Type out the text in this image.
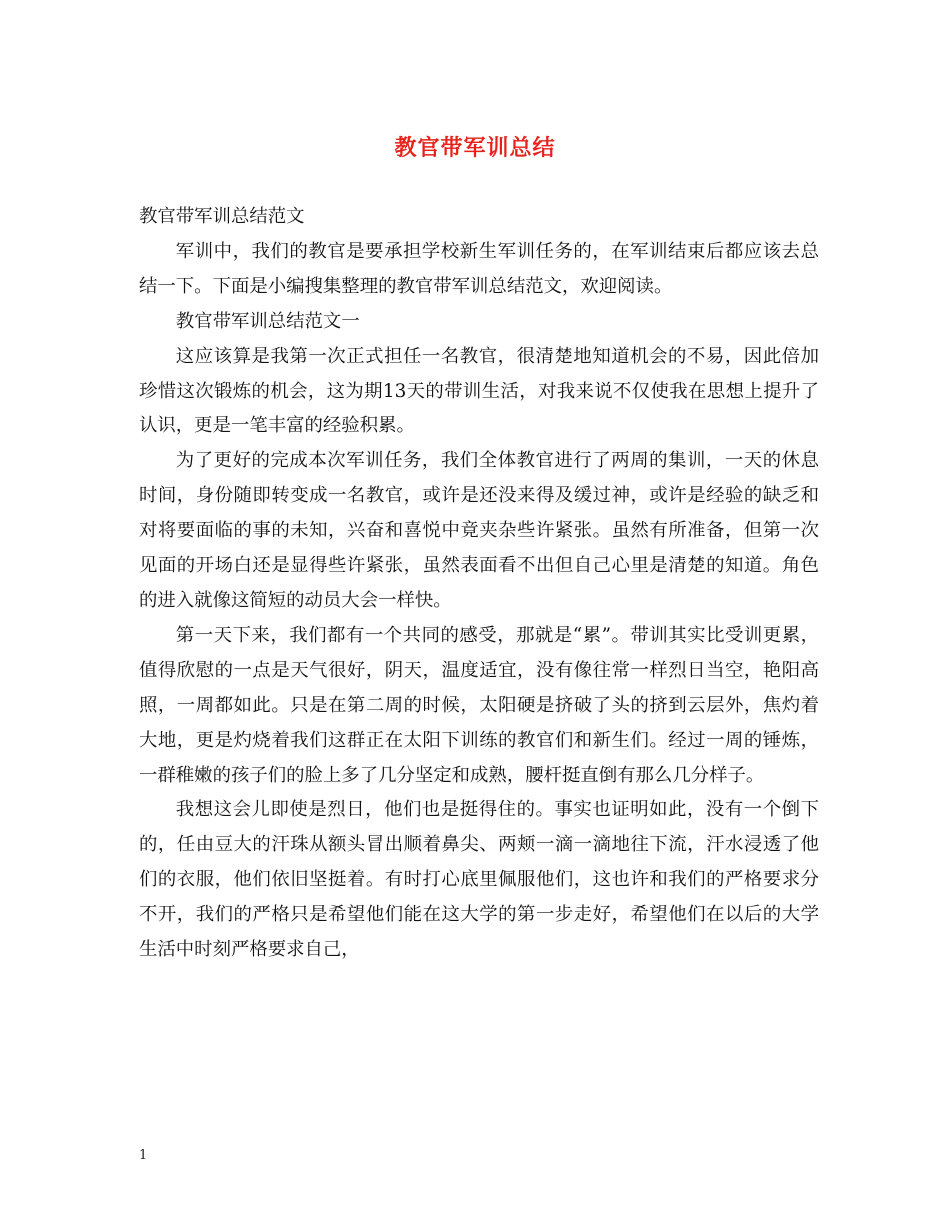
教官带军训总结

教官带军训总结范文

军训中，我们的教官是要承担学校新生军训任务的，在军训结束后都应该去总结一下。下面是小编搜集整理的教官带军训总结范文，欢迎阅读。

教官带军训总结范文一

这应该算是我第一次正式担任一名教官，很清楚地知道机会的不易，因此倍加珍惜这次锻炼的机会，这为期13天的带训生活，对我来说不仅使我在思想上提升了认识，更是一笔丰富的经验积累。

为了更好的完成本次军训任务，我们全体教官进行了两周的集训，一天的休息时间，身份随即转变成一名教官，或许是还没来得及缓过神，或许是经验的缺乏和对将要面临的事的未知，兴奋和喜悦中竟夹杂些许紧张。虽然有所准备，但第一次见面的开场白还是显得些许紧张，虽然表面看不出但自己心里是清楚的知道。角色的进入就像这简短的动员大会一样快。

第一天下来，我们都有一个共同的感受，那就是“累”。带训其实比受训更累，值得欣慰的一点是天气很好，阴天，温度适宜，没有像往常一样烈日当空，艳阳高照，一周都如此。只是在第二周的时候，太阳硬是挤破了头的挤到云层外，焦灼着大地，更是灼烧着我们这群正在太阳下训练的教官们和新生们。经过一周的锤炼，一群稚嫩的孩子们的脸上多了几分坚定和成熟，腰杆挺直倒有那么几分样子。

我想这会儿即使是烈日，他们也是挺得住的。事实也证明如此，没有一个倒下的，任由豆大的汗珠从额头冒出顺着鼻尖、两颊一滴一滴地往下流，汗水浸透了他们的衣服，他们依旧坚挺着。有时打心底里佩服他们，这也许和我们的严格要求分不开，我们的严格只是希望他们能在这大学的第一步走好，希望他们在以后的大学生活中时刻严格要求自己，

1
